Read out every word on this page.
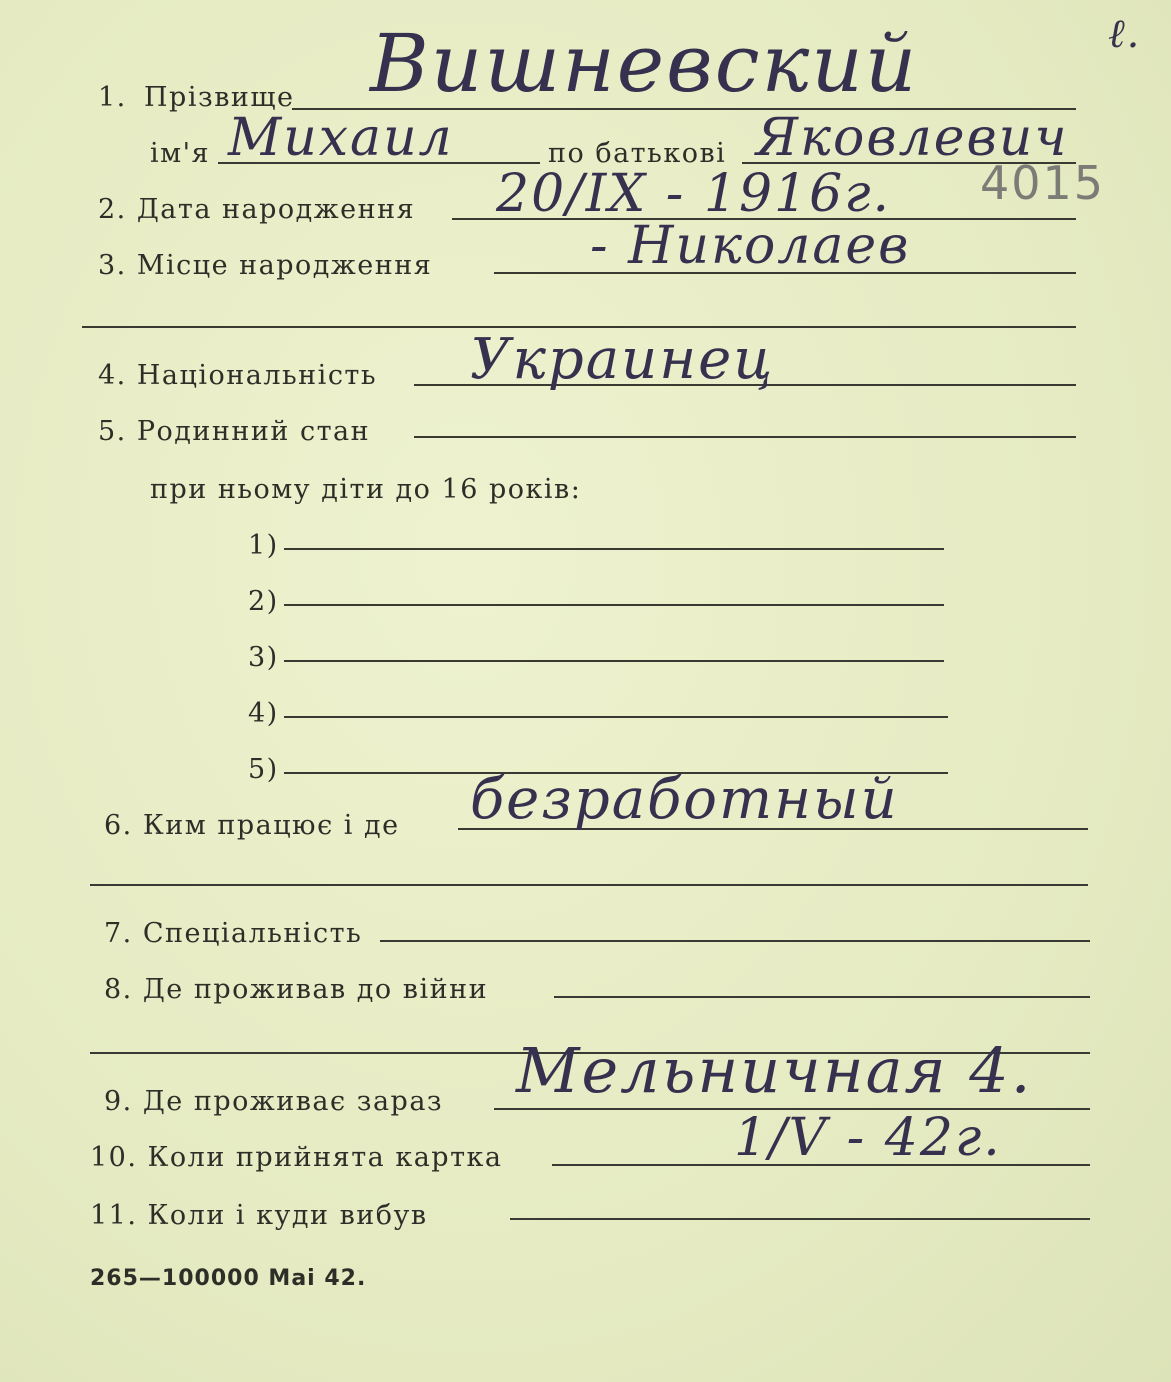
1. Прізвище Вишневский	ℓ.
ім'я Михаил	по батькові Яковлевич
2. Дата народження 20/IX - 1916г. 4015
3. Місце народження	- Николаев
4. Національність Украинец
5. Родинний стан
при ньому діти до 16 років:
1)
2)
3)
4)
5)
6. Ким працює і де безработный
7. Спеціальність
8. Де проживав до війни
9. Де проживає зараз Мельничная 4.
10. Коли прийнята картка	1/V - 42г.
11. Коли і куди вибув
265—100000 Mai 42.
